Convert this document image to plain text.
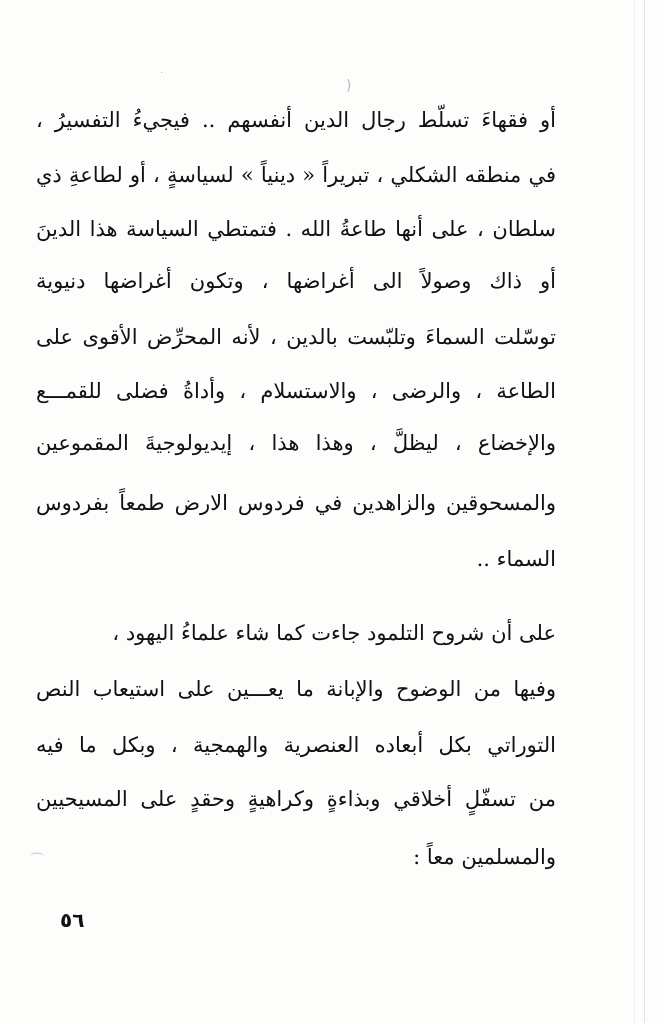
·
)
⌒
أو فقهاءَ تسلّط رجال الدين أنفسهم .. فيجيءُ التفسيرُ ،
في منطقه الشكلي ، تبريراً « دينياً » لسياسةٍ ، أو لطاعةِ ذي
سلطان ، على أنها طاعةُ الله . فتمتطي السياسة هذا الدينَ
أو ذاك وصولاً الى أغراضها ، وتكون أغراضها دنيوية
توسّلت السماءَ وتلبّست بالدين ، لأنه المحرِّض الأقوى على
الطاعة ، والرضى ، والاستسلام ، وأداةُ فضلى للقمـــع
والإخضاع ، ليظلَّ ، وهذا هذا ، إيديولوجيةَ المقموعين
والمسحوقين والزاهدين في فردوس الارض طمعاً بفردوس
السماء ..
على أن شروح التلمود جاءت كما شاء علماءُ اليهود ،
وفيها من الوضوح والإبانة ما يعـــين على استيعاب النص
التوراتي بكل أبعاده العنصرية والهمجية ، وبكل ما فيه
من تسفّلٍ أخلاقي وبذاءةٍ وكراهيةٍ وحقدٍ على المسيحيين
والمسلمين معاً :
٥٦
